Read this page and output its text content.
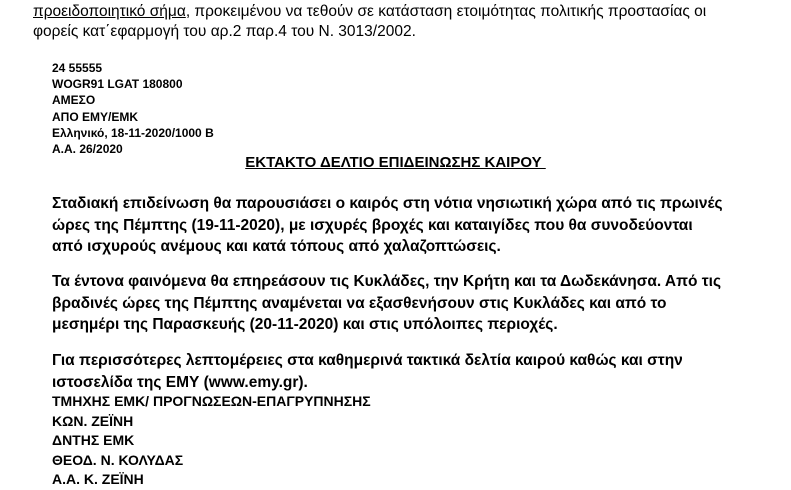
προειδοποιητικό σήμα, προκειμένου να τεθούν σε κατάσταση ετοιμότητας πολιτικής προστασίας οι
φορείς κατ΄εφαρμογή του αρ.2 παρ.4 του Ν. 3013/2002.
24 55555
WOGR91 LGAT 180800
ΑΜΕΣΟ
ΑΠΟ ΕΜΥ/ΕΜΚ
Ελληνικό, 18-11-2020/1000 Β
Α.Α. 26/2020
ΕΚΤΑΚΤΟ ΔΕΛΤΙΟ ΕΠΙΔΕΙΝΩΣΗΣ ΚΑΙΡΟΥ
Σταδιακή επιδείνωση θα παρουσιάσει ο καιρός στη νότια νησιωτική χώρα από τις πρωινές
ώρες της Πέμπτης (19-11-2020), με ισχυρές βροχές και καταιγίδες που θα συνοδεύονται
από ισχυρούς ανέμους και κατά τόπους από χαλαζοπτώσεις.
Τα έντονα φαινόμενα θα επηρεάσουν τις Κυκλάδες, την Κρήτη και τα Δωδεκάνησα. Από τις
βραδινές ώρες της Πέμπτης αναμένεται να εξασθενήσουν στις Κυκλάδες και από το
μεσημέρι της Παρασκευής (20-11-2020) και στις υπόλοιπες περιοχές.
Για περισσότερες λεπτομέρειες στα καθημερινά τακτικά δελτία καιρού καθώς και στην
ιστοσελίδα της ΕΜΥ (www.emy.gr).
ΤΜΗΧΗΣ ΕΜΚ/ ΠΡΟΓΝΩΣΕΩΝ-ΕΠΑΓΡΥΠΝΗΣΗΣ
ΚΩΝ. ΖΕΪΝΗ
ΔΝΤΗΣ ΕΜΚ
ΘΕΟΔ. Ν. ΚΟΛΥΔΑΣ
Α.Α. Κ. ΖΕΪΝΗ
